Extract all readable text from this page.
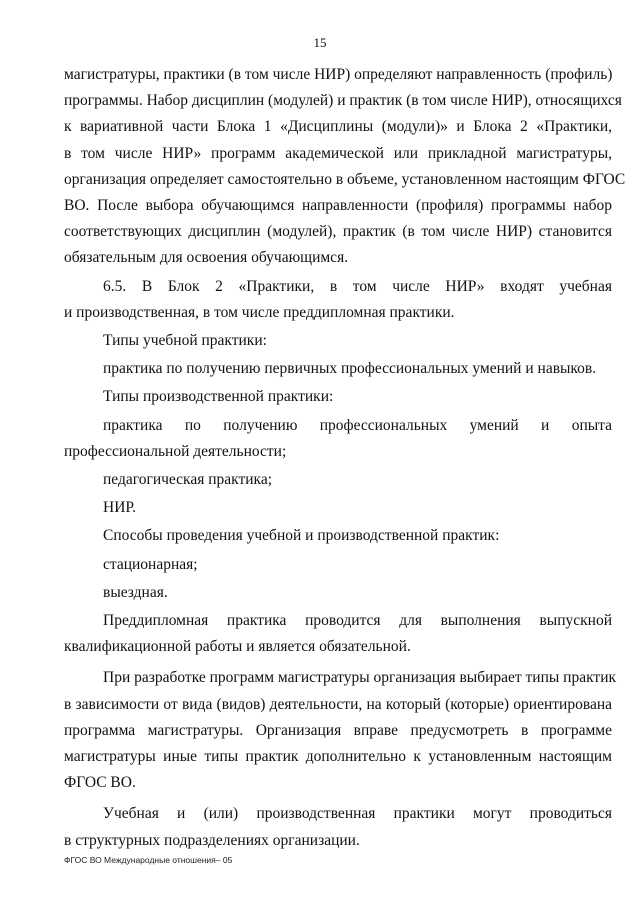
15
магистратуры, практики (в том числе НИР) определяют направленность (профиль)
программы. Набор дисциплин (модулей) и практик (в том числе НИР), относящихся
к вариативной части Блока 1 «Дисциплины (модули)» и Блока 2 «Практики,
в том числе НИР» программ академической или прикладной магистратуры,
организация определяет самостоятельно в объеме, установленном настоящим ФГОС
ВО. После выбора обучающимся направленности (профиля) программы набор
соответствующих дисциплин (модулей), практик (в том числе НИР) становится
обязательным для освоения обучающимся.
6.5. В Блок 2 «Практики, в том числе НИР» входят учебная
и производственная, в том числе преддипломная практики.
Типы учебной практики:
практика по получению первичных профессиональных умений и навыков.
Типы производственной практики:
практика по получению профессиональных умений и опыта
профессиональной деятельности;
педагогическая практика;
НИР.
Способы проведения учебной и производственной практик:
стационарная;
выездная.
Преддипломная практика проводится для выполнения выпускной
квалификационной работы и является обязательной.
При разработке программ магистратуры организация выбирает типы практик
в зависимости от вида (видов) деятельности, на который (которые) ориентирована
программа магистратуры. Организация вправе предусмотреть в программе
магистратуры иные типы практик дополнительно к установленным настоящим
ФГОС ВО.
Учебная и (или) производственная практики могут проводиться
в структурных подразделениях организации.
ФГОС ВО Международные отношения– 05
